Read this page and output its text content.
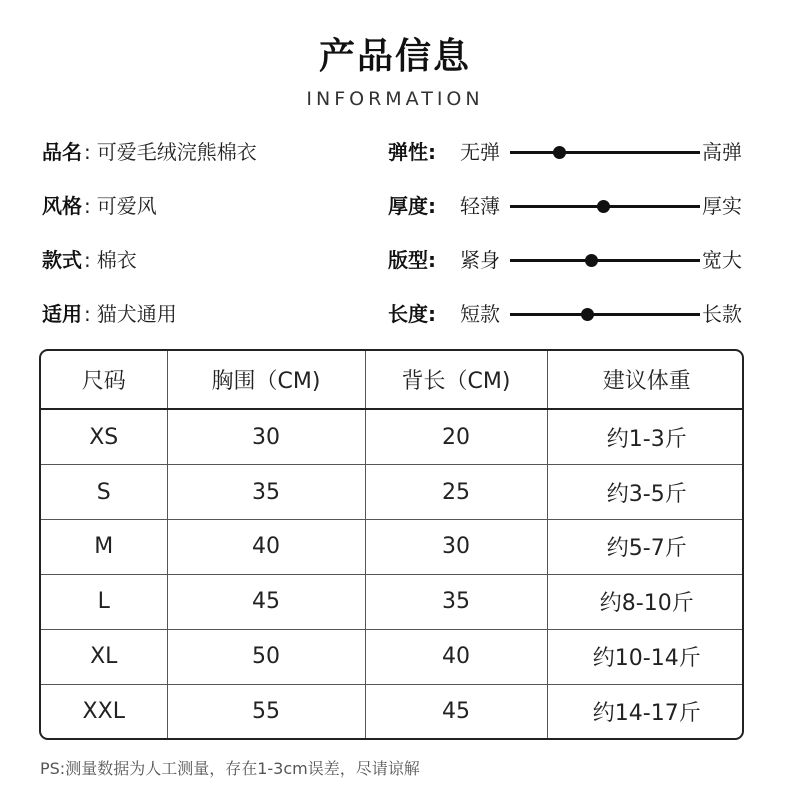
产品信息
INFORMATION
品名 : 可爱毛绒浣熊棉衣
风格 : 可爱风
款式 : 棉衣
适用 : 猫犬通用
弹性: 无弹	高弹
厚度: 轻薄	厚实
版型: 紧身	宽大
长度: 短款	长款
尺码	胸围（CM)	背长（CM)	建议体重
XS	30	20	约1-3斤
S	35	25	约3-5斤
M	40	30	约5-7斤
L	45	35	约8-10斤
XL	50	40	约10-14斤
XXL	55	45	约14-17斤
PS:测量数据为人工测量，存在1-3cm误差，尽请谅解
